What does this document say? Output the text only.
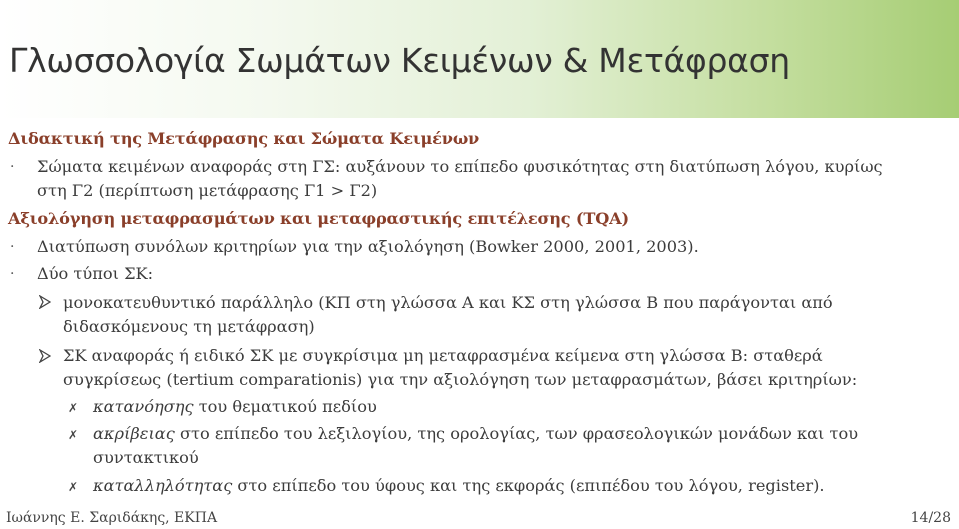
Γλωσσολογία Σωμάτων Κειμένων & Μετάφραση
Διδακτική της Μετάφρασης και Σώματα Κειμένων
· Σώματα κειμένων αναφοράς στη ΓΣ: αυξάνουν το επίπεδο φυσικότητας στη διατύπωση λόγου, κυρίως
στη Γ2 (περίπτωση μετάφρασης Γ1 > Γ2)
Αξιολόγηση μεταφρασμάτων και μεταφραστικής επιτέλεσης (TQA)
· Διατύπωση συνόλων κριτηρίων για την αξιολόγηση (Bowker 2000, 2001, 2003).
· Δύο τύποι ΣΚ:
μονοκατευθυντικό παράλληλο (ΚΠ στη γλώσσα Α και ΚΣ στη γλώσσα Β που παράγονται από
διδασκόμενους τη μετάφραση)
ΣΚ αναφοράς ή ειδικό ΣΚ με συγκρίσιμα μη μεταφρασμένα κείμενα στη γλώσσα Β: σταθερά
συγκρίσεως (tertium comparationis) για την αξιολόγηση των μεταφρασμάτων, βάσει κριτηρίων:
✗ κατανόησης του θεματικού πεδίου
✗ ακρίβειας στο επίπεδο του λεξιλογίου, της ορολογίας, των φρασεολογικών μονάδων και του
συντακτικού
✗ καταλληλότητας στο επίπεδο του ύφους και της εκφοράς (επιπέδου του λόγου, register).
Ιωάννης Ε. Σαριδάκης, ΕΚΠΑ	14/28
